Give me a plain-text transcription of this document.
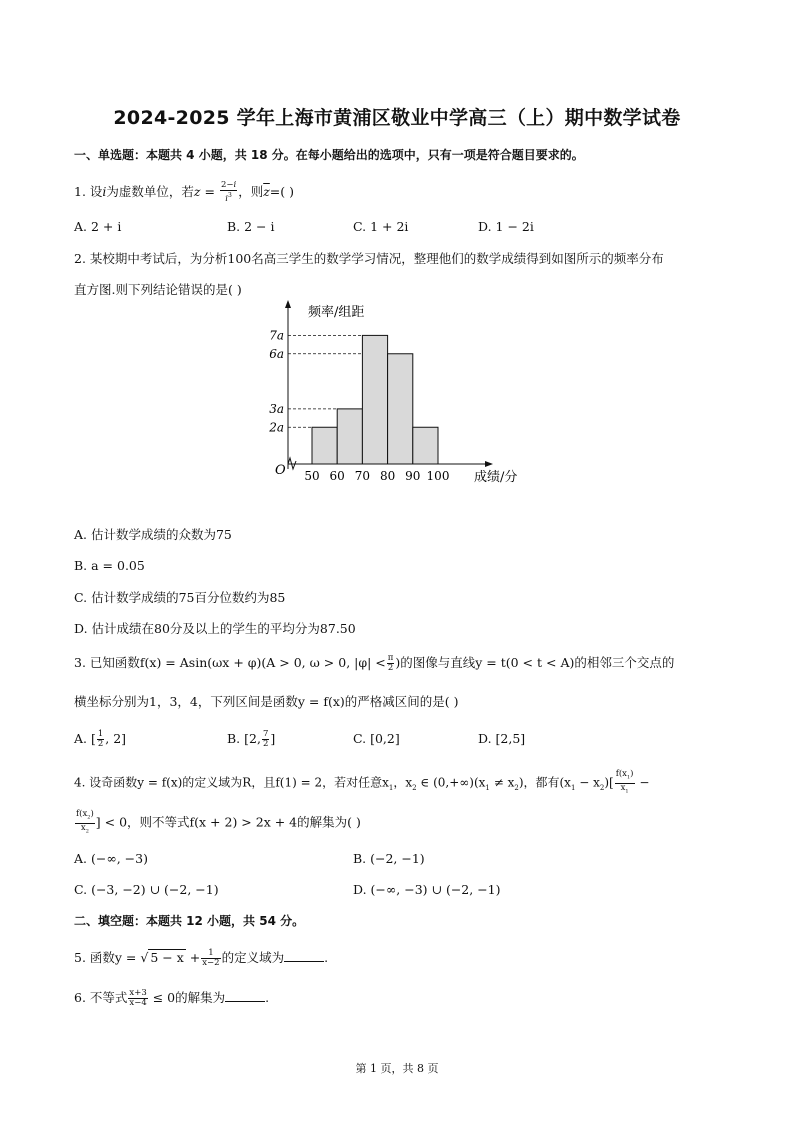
2024-2025 学年上海市黄浦区敬业中学高三（上）期中数学试卷
一、单选题：本题共 4 小题，共 18 分。在每小题给出的选项中，只有一项是符合题目要求的。
1. 设i为虚数单位，若$z = \frac{2-i}{i^3}$ ，则$\overline{z}=$( )
A. 2 + i	B. 2 − i	C. 1 + 2i	D. 1 − 2i
2. 某校期中考试后，为分析100名高三学生的数学学习情况，整理他们的数学成绩得到如图所示的频率分布
直方图.则下列结论错误的是( )
频率/组距
成绩/分
O
2a
3a
6a
7a
50 60 70 80 90 100
A. 估计数学成绩的众数为75
B. a = 0.05
C. 估计数学成绩的75百分位数约为85
D. 估计成绩在80分及以上的学生的平均分为87.50
3. 已知函数f(x) = Asin(ωx + φ)(A > 0, ω > 0, $|\varphi| < \frac{\pi}{2}$ )的图像与直线y = t(0 < t < A)的相邻三个交点的
横坐标分别为1，3，4，下列区间是函数y = f(x)的严格减区间的是( )
A. [ $\frac{1}{2}$ , 2]	B. [2, $\frac{7}{2}$ ]	C. [0,2]	D. [2,5]
4. 设奇函数y = f(x)的定义域为R，且f(1) = 2，若对任意$x_1$，$x_2$ ∈ $(0,+\infty)(x_1 \ne x_2)$，都有$(x_1 - x_2)[ \frac{f(x_1)}{x_1}$ −
$\frac{f(x_2)}{x_2}$ ] < 0，则不等式f(x + 2) > 2x + 4的解集为( )
A. (−∞, −3)	B. (−2, −1)
C. (−3, −2) ∪ (−2, −1)	D. (−∞, −3) ∪ (−2, −1)
二、填空题：本题共 12 小题，共 54 分。
5. 函数y = √ $5 - x + \frac{1}{x-2}$ 的定义域为	.
6. 不等式 $\frac{x+3}{x-4} \le 0$的解集为	.
第 1 页，共 8 页
